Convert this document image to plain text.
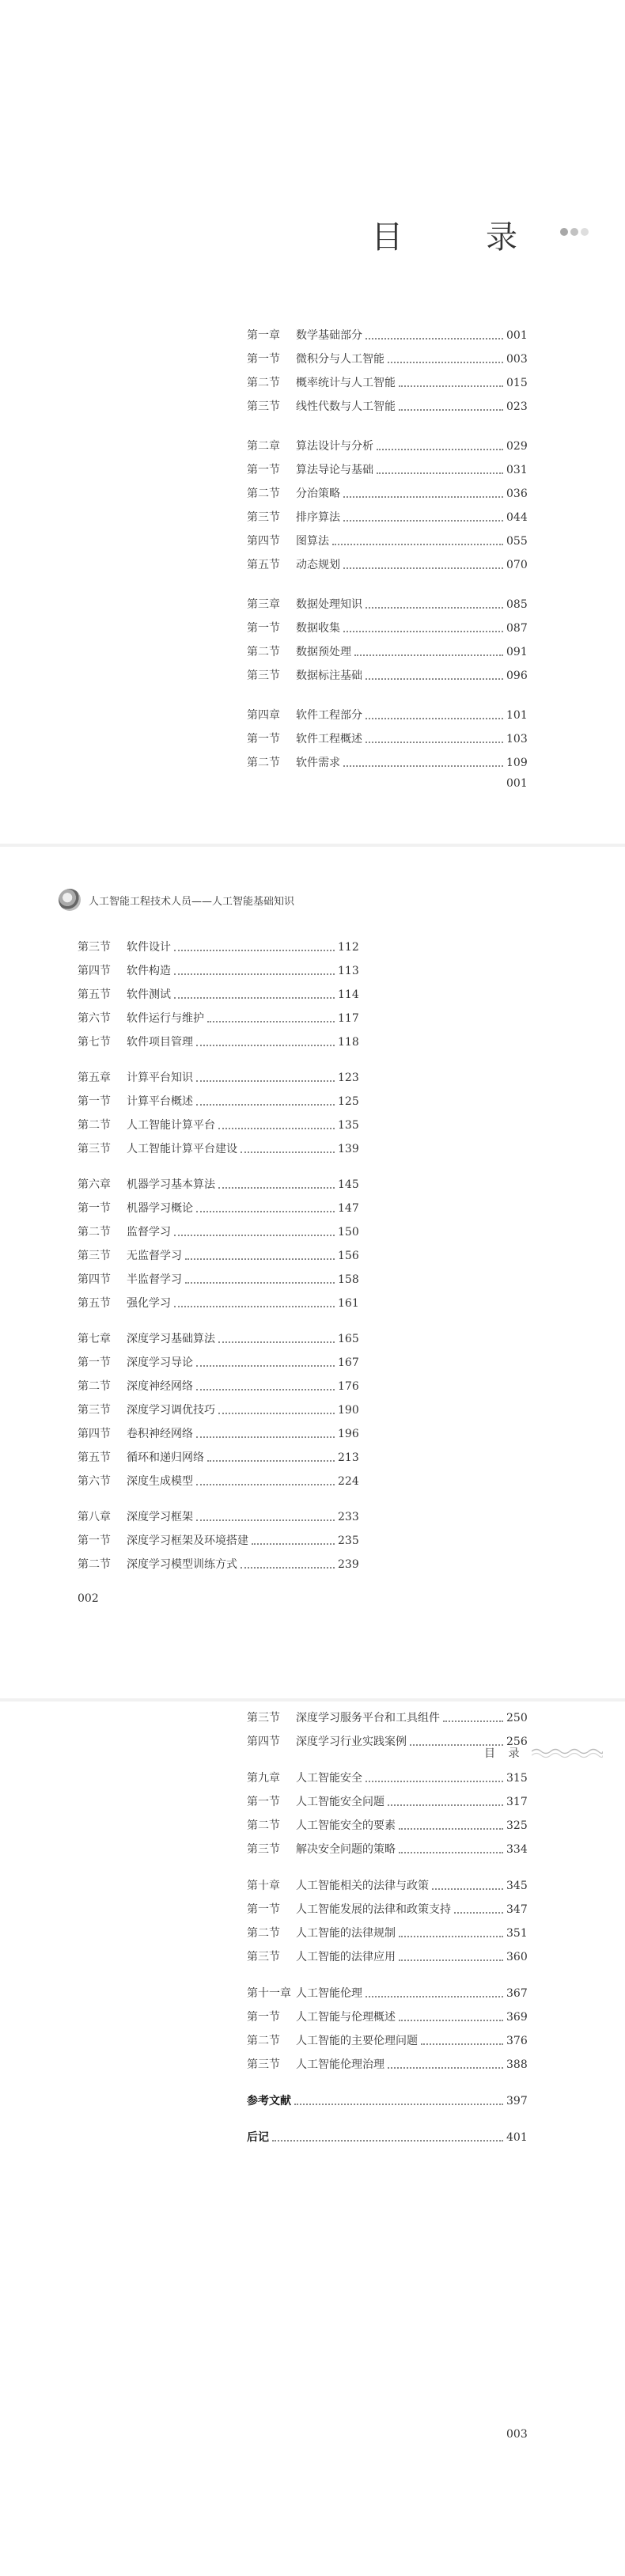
目 录
第一章	数学基础部分	001
第一节	微积分与人工智能	003
第二节	概率统计与人工智能	015
第三节	线性代数与人工智能	023
第二章	算法设计与分析	029
第一节	算法导论与基础	031
第二节	分治策略	036
第三节	排序算法	044
第四节	图算法	055
第五节	动态规划	070
第三章	数据处理知识	085
第一节	数据收集	087
第二节	数据预处理	091
第三节	数据标注基础	096
第四章	软件工程部分	101
第一节	软件工程概述	103
第二节	软件需求	109
001
人工智能工程技术人员——人工智能基础知识
第三节	软件设计	112
第四节	软件构造	113
第五节	软件测试	114
第六节	软件运行与维护	117
第七节	软件项目管理	118
第五章	计算平台知识	123
第一节	计算平台概述	125
第二节	人工智能计算平台	135
第三节	人工智能计算平台建设	139
第六章	机器学习基本算法	145
第一节	机器学习概论	147
第二节	监督学习	150
第三节	无监督学习	156
第四节	半监督学习	158
第五节	强化学习	161
第七章	深度学习基础算法	165
第一节	深度学习导论	167
第二节	深度神经网络	176
第三节	深度学习调优技巧	190
第四节	卷积神经网络	196
第五节	循环和递归网络	213
第六节	深度生成模型	224
第八章	深度学习框架	233
第一节	深度学习框架及环境搭建	235
第二节	深度学习模型训练方式	239
002
目 录
第三节	深度学习服务平台和工具组件	250
第四节	深度学习行业实践案例	256
第九章	人工智能安全	315
第一节	人工智能安全问题	317
第二节	人工智能安全的要素	325
第三节	解决安全问题的策略	334
第十章	人工智能相关的法律与政策	345
第一节	人工智能发展的法律和政策支持	347
第二节	人工智能的法律规制	351
第三节	人工智能的法律应用	360
第十一章 人工智能伦理	367
第一节	人工智能与伦理概述	369
第二节	人工智能的主要伦理问题	376
第三节	人工智能伦理治理	388
参考文献	397
后记	401
003
